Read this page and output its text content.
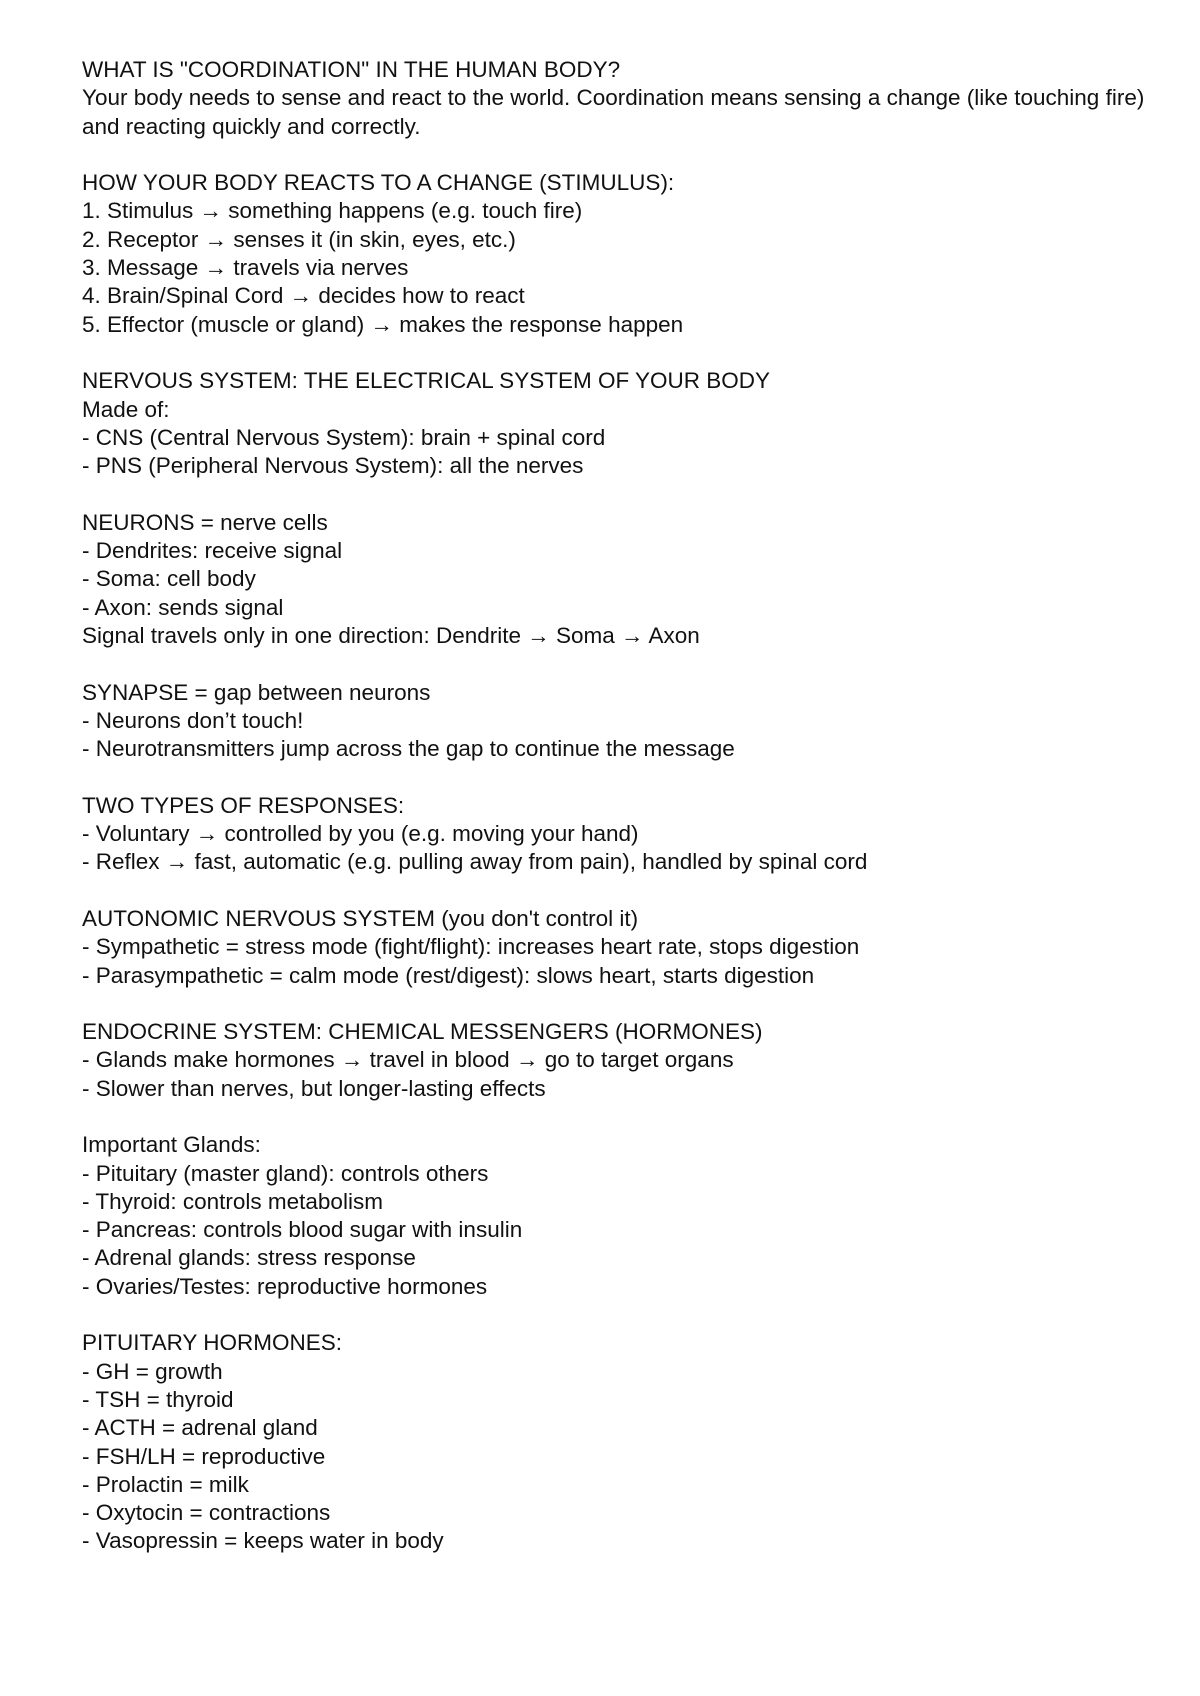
WHAT IS "COORDINATION" IN THE HUMAN BODY?
Your body needs to sense and react to the world. Coordination means sensing a change (like touching fire)
and reacting quickly and correctly.
HOW YOUR BODY REACTS TO A CHANGE (STIMULUS):
1. Stimulus → something happens (e.g. touch fire)
2. Receptor → senses it (in skin, eyes, etc.)
3. Message → travels via nerves
4. Brain/Spinal Cord → decides how to react
5. Effector (muscle or gland) → makes the response happen
NERVOUS SYSTEM: THE ELECTRICAL SYSTEM OF YOUR BODY
Made of:
- CNS (Central Nervous System): brain + spinal cord
- PNS (Peripheral Nervous System): all the nerves
NEURONS = nerve cells
- Dendrites: receive signal
- Soma: cell body
- Axon: sends signal
Signal travels only in one direction: Dendrite → Soma → Axon
SYNAPSE = gap between neurons
- Neurons don’t touch!
- Neurotransmitters jump across the gap to continue the message
TWO TYPES OF RESPONSES:
- Voluntary → controlled by you (e.g. moving your hand)
- Reflex → fast, automatic (e.g. pulling away from pain), handled by spinal cord
AUTONOMIC NERVOUS SYSTEM (you don't control it)
- Sympathetic = stress mode (fight/flight): increases heart rate, stops digestion
- Parasympathetic = calm mode (rest/digest): slows heart, starts digestion
ENDOCRINE SYSTEM: CHEMICAL MESSENGERS (HORMONES)
- Glands make hormones → travel in blood → go to target organs
- Slower than nerves, but longer-lasting effects
Important Glands:
- Pituitary (master gland): controls others
- Thyroid: controls metabolism
- Pancreas: controls blood sugar with insulin
- Adrenal glands: stress response
- Ovaries/Testes: reproductive hormones
PITUITARY HORMONES:
- GH = growth
- TSH = thyroid
- ACTH = adrenal gland
- FSH/LH = reproductive
- Prolactin = milk
- Oxytocin = contractions
- Vasopressin = keeps water in body
